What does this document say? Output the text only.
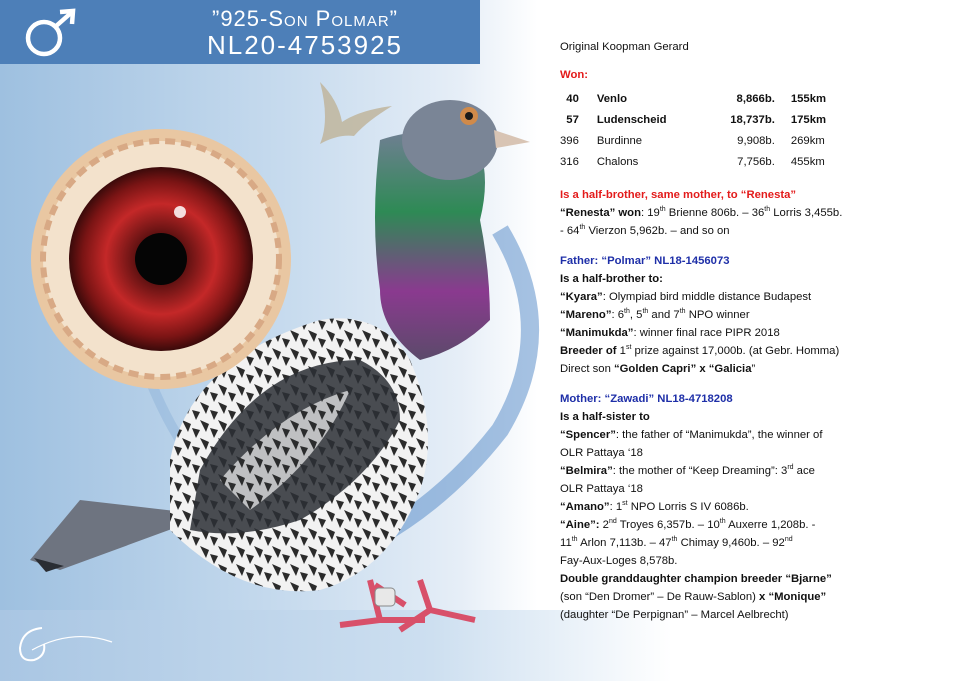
”925-Son Polmar”
NL20-4753925	Original Koopman Gerard
Won:
40	Venlo	8,866b.	155km
57	Ludenscheid	18,737b.	175km
396	Burdinne	9,908b.	269km
316	Chalons	7,756b.	455km
Is a half-brother, same mother, to “Renesta”
“Renesta” won: 19th Brienne 806b. – 36th Lorris 3,455b.
- 64th Vierzon 5,962b. – and so on
Father: “Polmar” NL18-1456073
Is a half-brother to:
“Kyara”: Olympiad bird middle distance Budapest
“Mareno”: 6th, 5th and 7th NPO winner
“Manimukda”: winner final race PIPR 2018
Breeder of 1st prize against 17,000b. (at Gebr. Homma)
Direct son “Golden Capri” x “Galicia”
Mother: “Zawadi” NL18-4718208
Is a half-sister to
“Spencer”: the father of “Manimukda”, the winner of
OLR Pattaya ‘18
“Belmira”: the mother of “Keep Dreaming”: 3rd ace
OLR Pattaya ‘18
“Amano”: 1st NPO Lorris S IV 6086b.
“Aine”: 2nd Troyes 6,357b. – 10th Auxerre 1,208b. -
11th Arlon 7,113b. – 47th Chimay 9,460b. – 92nd
Fay-Aux-Loges 8,578b.
Double granddaughter champion breeder “Bjarne”
(son “Den Dromer” – De Rauw-Sablon) x “Monique”
(daughter “De Perpignan” – Marcel Aelbrecht)
